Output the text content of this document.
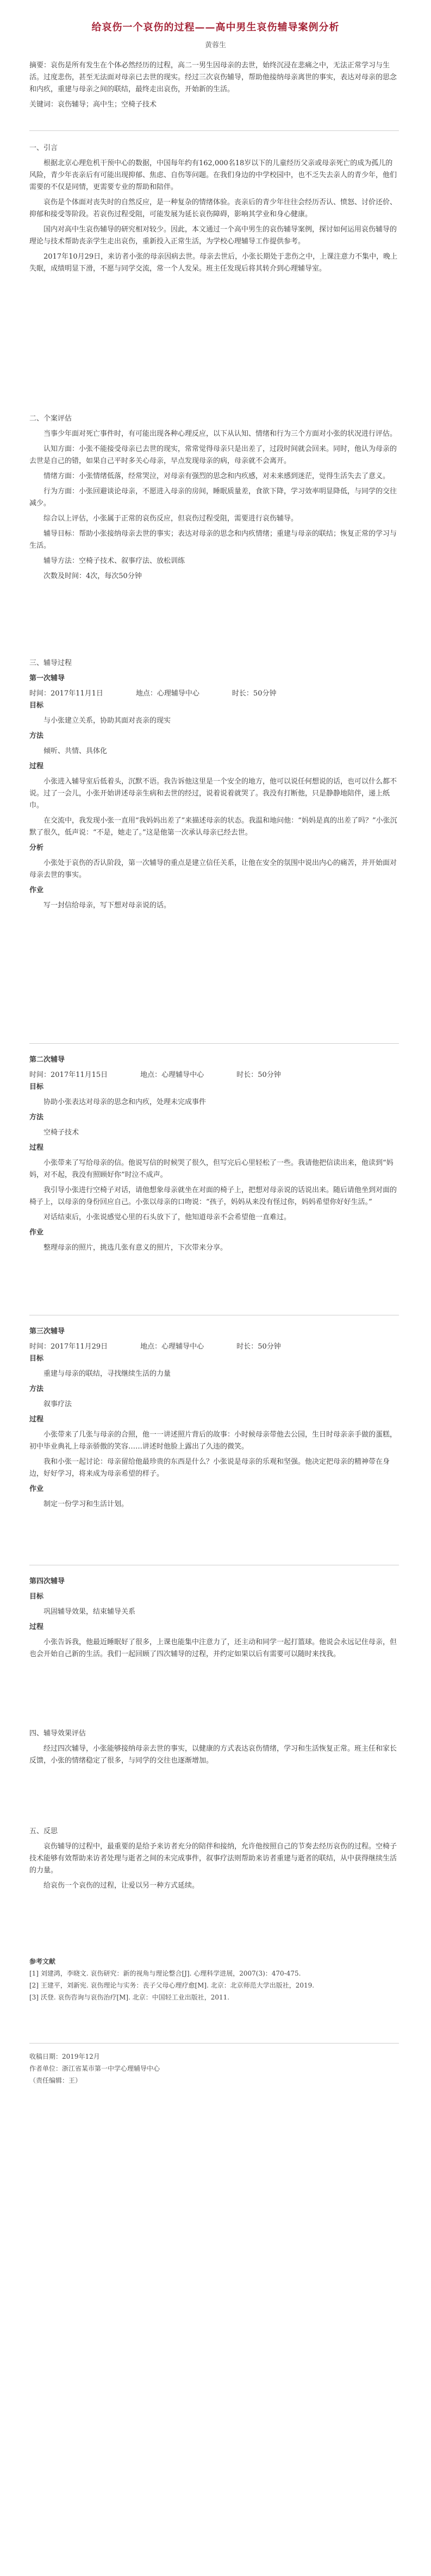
给哀伤一个哀伤的过程——高中男生哀伤辅导案例分析
黄蓉生

摘要：哀伤是所有发生在个体必然经历的过程，高二一男生因母亲的去世，始终沉浸在悲痛之中，无法正常学习与生活。过度悲伤，甚至无法面对母亲已去世的现实。经过三次哀伤辅导，帮助他接纳母亲离世的事实，表达对母亲的思念和内疚，重建与母亲之间的联结，最终走出哀伤，开始新的生活。

关键词：哀伤辅导；高中生；空椅子技术

一、引言

根据北京心理危机干预中心的数据，中国每年约有162,000名18岁以下的儿童经历父亲或母亲死亡的成为孤儿的风险，青少年丧亲后有可能出现抑郁、焦虑、自伤等问题。在我们身边的中学校园中，也不乏失去亲人的青少年，他们需要的不仅是同情，更需要专业的帮助和陪伴。

哀伤是个体面对丧失时的自然反应，是一种复杂的情绪体验。丧亲后的青少年往往会经历否认、愤怒、讨价还价、抑郁和接受等阶段。若哀伤过程受阻，可能发展为延长哀伤障碍，影响其学业和身心健康。

国内对高中生哀伤辅导的研究相对较少。因此，本文通过一个高中男生的哀伤辅导案例，探讨如何运用哀伤辅导的理论与技术帮助丧亲学生走出哀伤，重新投入正常生活，为学校心理辅导工作提供参考。

2017年10月29日，来访者小张的母亲因病去世。母亲去世后，小张长期处于悲伤之中，上课注意力不集中，晚上失眠，成绩明显下滑，不愿与同学交流，常一个人发呆。班主任发现后将其转介到心理辅导室。

二、个案评估

当事少年面对死亡事件时，有可能出现各种心理反应，以下从认知、情绪和行为三个方面对小张的状况进行评估。

认知方面：小张不能接受母亲已去世的现实，常常觉得母亲只是出差了，过段时间就会回来。同时，他认为母亲的去世是自己的错，如果自己平时多关心母亲，早点发现母亲的病，母亲就不会离开。

情绪方面：小张情绪低落，经常哭泣，对母亲有强烈的思念和内疚感，对未来感到迷茫，觉得生活失去了意义。

行为方面：小张回避谈论母亲，不愿进入母亲的房间，睡眠质量差，食欲下降，学习效率明显降低，与同学的交往减少。

综合以上评估，小张属于正常的哀伤反应，但哀伤过程受阻，需要进行哀伤辅导。

辅导目标：帮助小张接纳母亲去世的事实；表达对母亲的思念和内疚情绪；重建与母亲的联结；恢复正常的学习与生活。

辅导方法：空椅子技术、叙事疗法、放松训练

次数及时间：4次，每次50分钟

三、辅导过程

第一次辅导

时间：2017年11月1日	地点：心理辅导中心	时长：50分钟

目标

与小张建立关系，协助其面对丧亲的现实

方法

倾听、共情、具体化

过程

小张进入辅导室后低着头，沉默不语。我告诉他这里是一个安全的地方，他可以说任何想说的话，也可以什么都不说。过了一会儿，小张开始讲述母亲生病和去世的经过，说着说着就哭了。我没有打断他，只是静静地陪伴，递上纸巾。

在交流中，我发现小张一直用“我妈妈出差了”来描述母亲的状态。我温和地问他：“妈妈是真的出差了吗？”小张沉默了很久，低声说：“不是，她走了。”这是他第一次承认母亲已经去世。

分析

小张处于哀伤的否认阶段，第一次辅导的重点是建立信任关系，让他在安全的氛围中说出内心的痛苦，并开始面对母亲去世的事实。

作业

写一封信给母亲，写下想对母亲说的话。

第二次辅导

时间：2017年11月15日	地点：心理辅导中心	时长：50分钟

目标

协助小张表达对母亲的思念和内疚，处理未完成事件

方法

空椅子技术

过程

小张带来了写给母亲的信。他说写信的时候哭了很久，但写完后心里轻松了一些。我请他把信读出来，他读到“妈妈，对不起，我没有照顾好你”时泣不成声。

我引导小张进行空椅子对话，请他想象母亲就坐在对面的椅子上，把想对母亲说的话说出来。随后请他坐到对面的椅子上，以母亲的身份回应自己。小张以母亲的口吻说：“孩子，妈妈从来没有怪过你，妈妈希望你好好生活。”

对话结束后，小张说感觉心里的石头放下了，他知道母亲不会希望他一直难过。

作业

整理母亲的照片，挑选几张有意义的照片，下次带来分享。

第三次辅导

时间：2017年11月29日	地点：心理辅导中心	时长：50分钟

目标

重建与母亲的联结，寻找继续生活的力量

方法

叙事疗法

过程

小张带来了几张与母亲的合照，他一一讲述照片背后的故事：小时候母亲带他去公园，生日时母亲亲手做的蛋糕，初中毕业典礼上母亲骄傲的笑容……讲述时他脸上露出了久违的微笑。

我和小张一起讨论：母亲留给他最珍贵的东西是什么？小张说是母亲的乐观和坚强。他决定把母亲的精神带在身边，好好学习，将来成为母亲希望的样子。

作业

制定一份学习和生活计划。

第四次辅导

目标

巩固辅导效果，结束辅导关系

过程

小张告诉我，他最近睡眠好了很多，上课也能集中注意力了，还主动和同学一起打篮球。他说会永远记住母亲，但也会开始自己新的生活。我们一起回顾了四次辅导的过程，并约定如果以后有需要可以随时来找我。

四、辅导效果评估

经过四次辅导，小张能够接纳母亲去世的事实，以健康的方式表达哀伤情绪，学习和生活恢复正常。班主任和家长反馈，小张的情绪稳定了很多，与同学的交往也逐渐增加。

五、反思

哀伤辅导的过程中，最重要的是给予来访者充分的陪伴和接纳，允许他按照自己的节奏去经历哀伤的过程。空椅子技术能够有效帮助来访者处理与逝者之间的未完成事件，叙事疗法则帮助来访者重建与逝者的联结，从中获得继续生活的力量。

给哀伤一个哀伤的过程，让爱以另一种方式延续。

参考文献

[1] 刘建鸿，李晓文. 哀伤研究：新的视角与理论整合[J]. 心理科学进展，2007(3)：470-475.

[2] 王建平，刘新宪. 哀伤理论与实务：丧子父母心理疗愈[M]. 北京：北京师范大学出版社，2019.

[3] 沃登. 哀伤咨询与哀伤治疗[M]. 北京：中国轻工业出版社，2011.

收稿日期：2019年12月

作者单位：浙江省某市第一中学心理辅导中心

（责任编辑：王）
